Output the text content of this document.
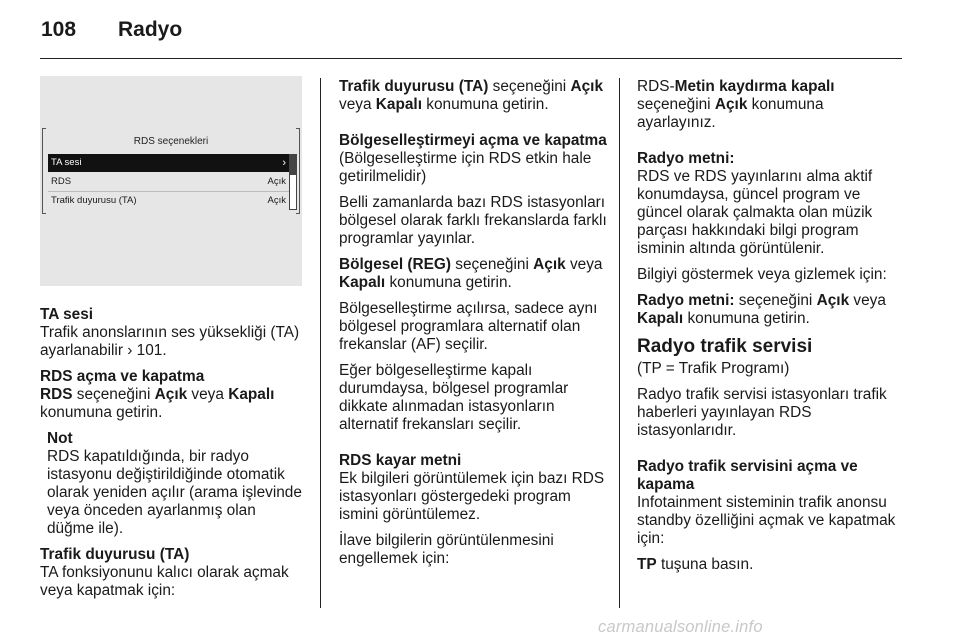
108 Radyo
RDS seçenekleri
TA sesi	›
RDS	Açık
Trafik duyurusu (TA)	Açık
TA sesi

Trafik anonslarının ses yüksekliği (TA) ayarlanabilir › 101.

RDS açma ve kapatma

RDS seçeneğini Açık veya Kapalı konumuna getirin.

Not
RDS kapatıldığında, bir radyo istasyonu değiştirildiğinde otomatik olarak yeniden açılır (arama işlevinde veya önceden ayarlanmış olan düğme ile).
Trafik duyurusu (TA)

TA fonksiyonunu kalıcı olarak açmak veya kapatmak için:

Trafik duyurusu (TA) seçeneğini Açık
veya Kapalı konumuna getirin.

Bölgeselleştirmeyi açma ve kapatma

(Bölgeselleştirme için RDS etkin hale getirilmelidir)

Belli zamanlarda bazı RDS istasyonları bölgesel olarak farklı frekanslarda farklı programlar yayınlar.

Bölgesel (REG) seçeneğini Açık veya Kapalı konumuna getirin.

Bölgeselleştirme açılırsa, sadece aynı bölgesel programlara alternatif olan frekanslar (AF) seçilir.

Eğer bölgeselleştirme kapalı durumdaysa, bölgesel programlar dikkate alınmadan istasyonların alternatif frekansları seçilir.

RDS kayar metni

Ek bilgileri görüntülemek için bazı RDS istasyonları göstergedeki program ismini görüntülemez.

İlave bilgilerin görüntülenmesini engellemek için:

RDS-Metin kaydırma kapalı
seçeneğini Açık konumuna ayarlayınız.

Radyo metni:

RDS ve RDS yayınlarını alma aktif konumdaysa, güncel program ve güncel olarak çalmakta olan müzik parçası hakkındaki bilgi program isminin altında görüntülenir.

Bilgiyi göstermek veya gizlemek için:

Radyo metni: seçeneğini Açık veya
Kapalı konumuna getirin.

Radyo trafik servisi

(TP = Trafik Programı)

Radyo trafik servisi istasyonları trafik haberleri yayınlayan RDS istasyonlarıdır.

Radyo trafik servisini açma ve kapama

Infotainment sisteminin trafik anonsu standby özelliğini açmak ve kapatmak için:

TP tuşuna basın.

carmanualsonline.info
